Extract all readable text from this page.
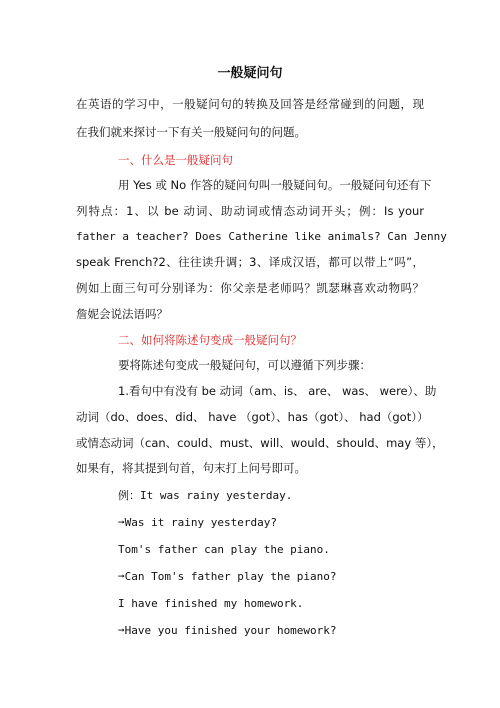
一般疑问句
在英语的学习中，一般疑问句的转换及回答是经常碰到的问题，现
在我们就来探讨一下有关一般疑问句的问题。
一、什么是一般疑问句
用 Yes 或 No 作答的疑问句叫一般疑问句。一般疑问句还有下
列特点：1、以 be 动词、助动词或情态动词开头；例：Is your
father a teacher? Does Catherine like animals? Can Jenny
speak French?2、往往读升调；3、译成汉语，都可以带上“吗”，
例如上面三句可分别译为：你父亲是老师吗？凯瑟琳喜欢动物吗？
詹妮会说法语吗？
二、如何将陈述句变成一般疑问句？
要将陈述句变成一般疑问句，可以遵循下列步骤：
1.看句中有没有 be 动词（am、is、 are、 was、 were）、助
动词（do、does、did、 have （got）、has（got）、 had（got））
或情态动词（can、could、must、will、would、should、may 等），
如果有，将其提到句首，句末打上问号即可。
例：It was rainy yesterday.
➞Was it rainy yesterday?
Tom's father can play the piano.
➞Can Tom's father play the piano?
I have finished my homework.
➞Have you finished your homework?
